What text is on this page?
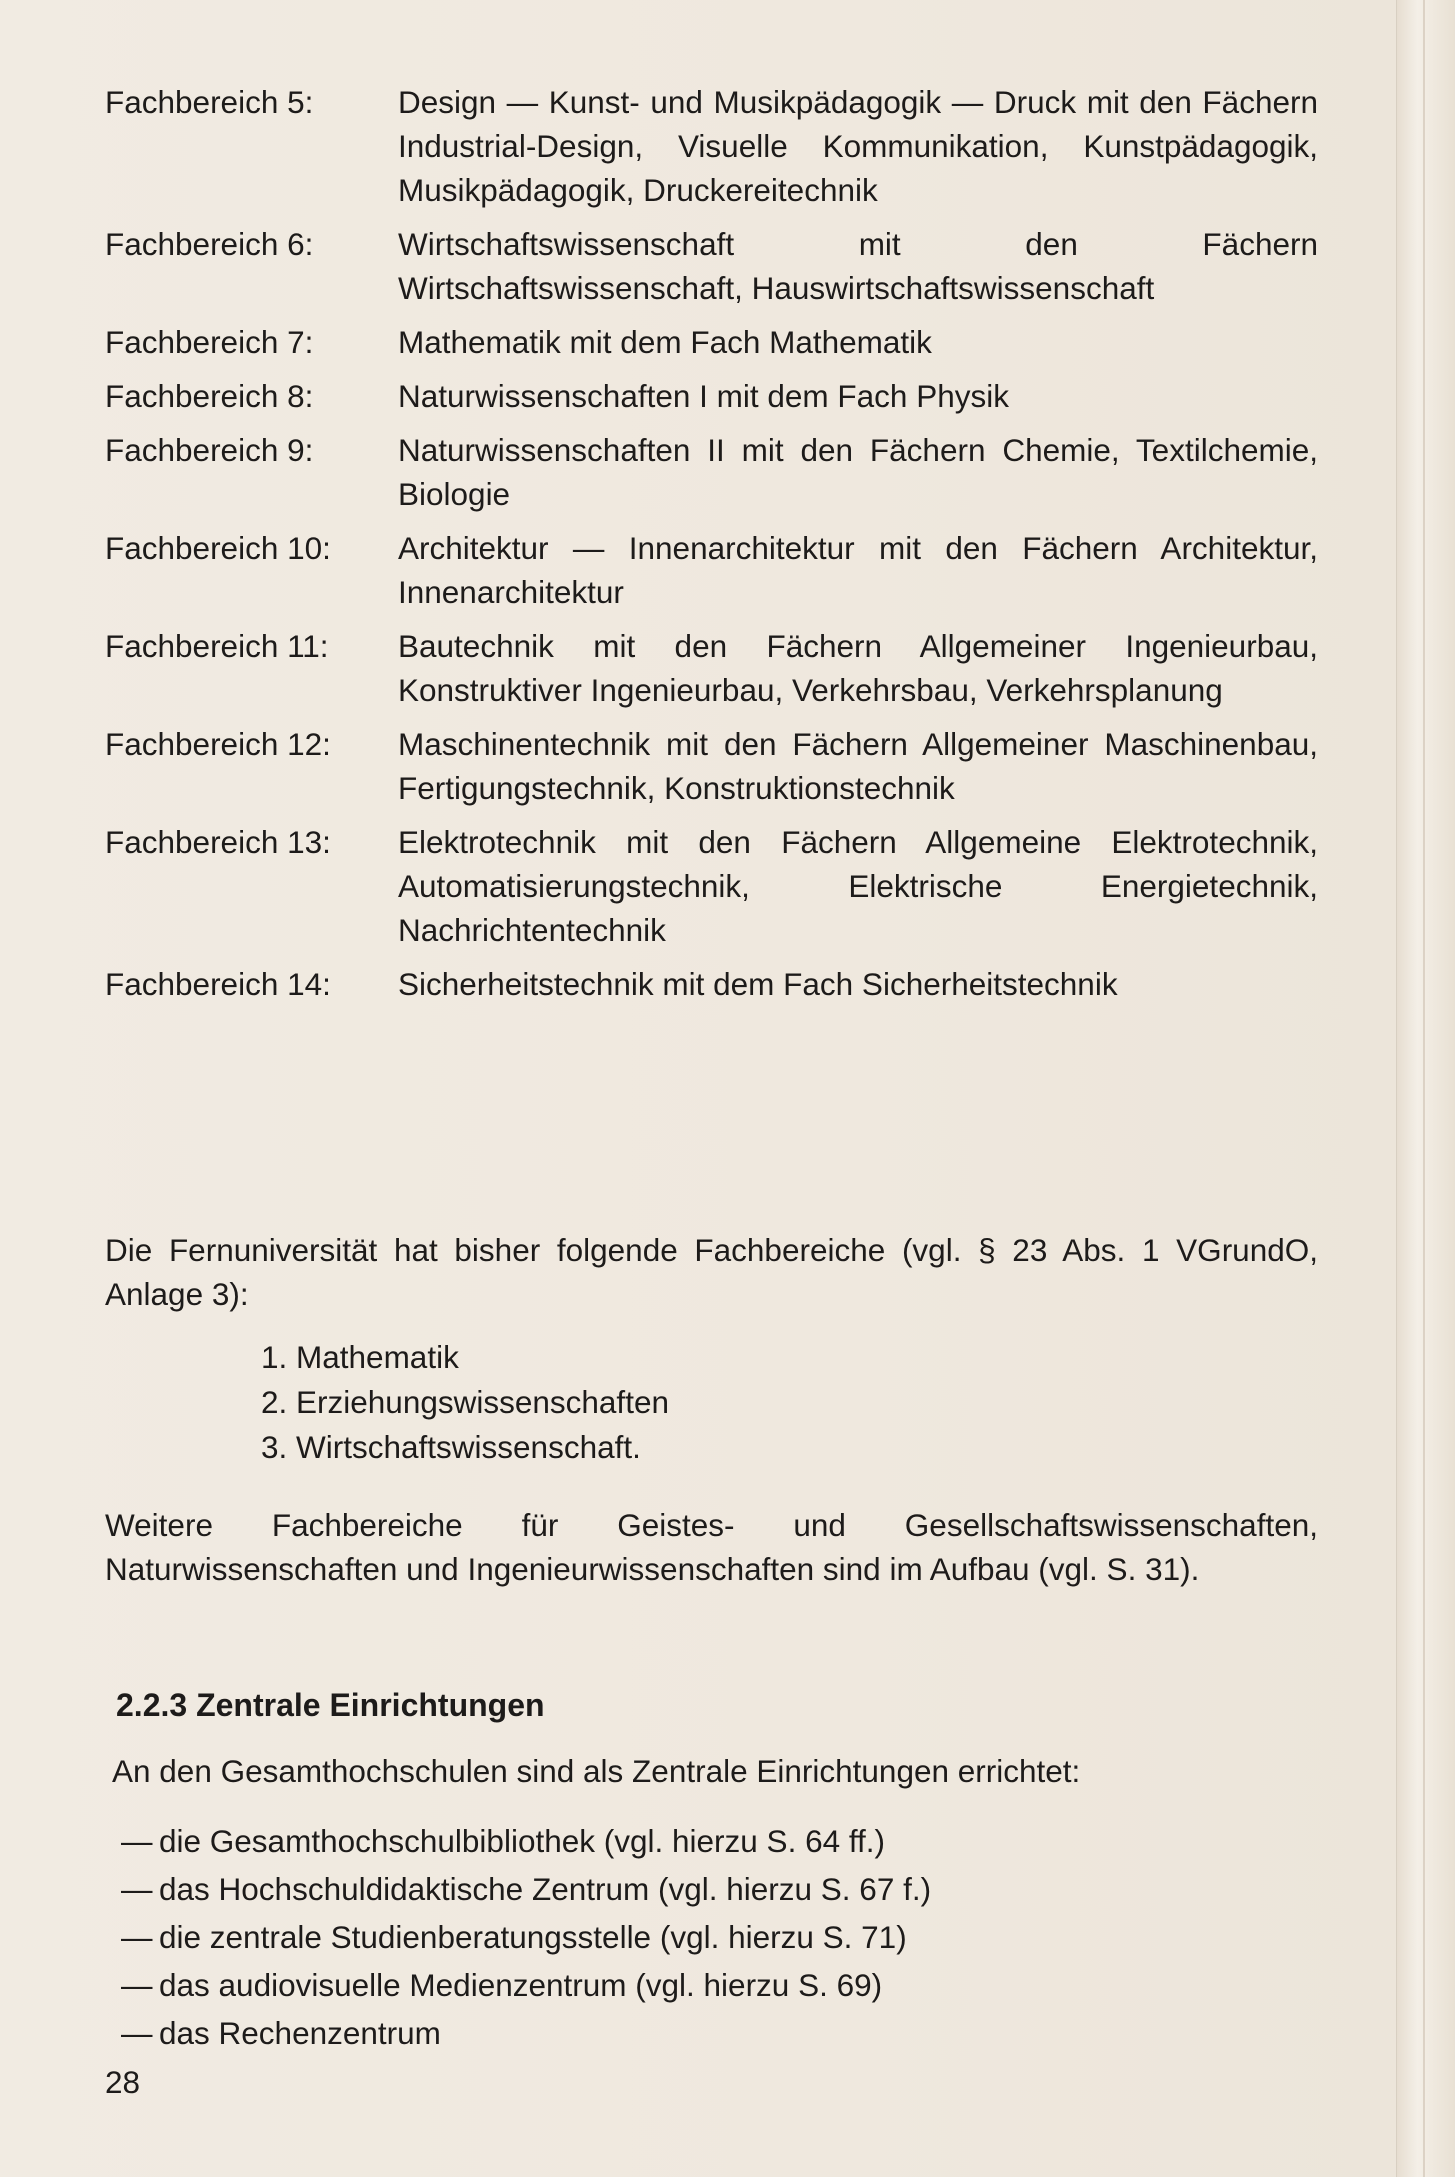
Fachbereich 5:	Design — Kunst- und Musikpädagogik — Druck mit den Fächern Industrial-Design, Visuelle Kommunikation, Kunstpädagogik, Musikpädagogik, Druckereitechnik
Fachbereich 6:	Wirtschaftswissenschaft mit den Fächern Wirtschaftswissenschaft, Hauswirtschaftswissenschaft
Fachbereich 7:	Mathematik mit dem Fach Mathematik
Fachbereich 8:	Naturwissenschaften I mit dem Fach Physik
Fachbereich 9:	Naturwissenschaften II mit den Fächern Chemie, Textilchemie, Biologie
Fachbereich 10:	Architektur — Innenarchitektur mit den Fächern Architektur, Innenarchitektur
Fachbereich 11:	Bautechnik mit den Fächern Allgemeiner Ingenieurbau, Konstruktiver Ingenieurbau, Verkehrsbau, Verkehrsplanung
Fachbereich 12:	Maschinentechnik mit den Fächern Allgemeiner Maschinenbau, Fertigungstechnik, Konstruktionstechnik
Fachbereich 13:	Elektrotechnik mit den Fächern Allgemeine Elektrotechnik, Automatisierungstechnik, Elektrische Energietechnik, Nachrichtentechnik
Fachbereich 14:	Sicherheitstechnik mit dem Fach Sicherheitstechnik

Die Fernuniversität hat bisher folgende Fachbereiche (vgl. § 23 Abs. 1 VGrundO, Anlage 3):

1. Mathematik
2. Erziehungswissenschaften
3. Wirtschaftswissenschaft.

Weitere Fachbereiche für Geistes- und Gesellschaftswissenschaften, Naturwissenschaften und Ingenieurwissenschaften sind im Aufbau (vgl. S. 31).

2.2.3 Zentrale Einrichtungen

An den Gesamthochschulen sind als Zentrale Einrichtungen errichtet:

— die Gesamthochschulbibliothek (vgl. hierzu S. 64 ff.)
— das Hochschuldidaktische Zentrum (vgl. hierzu S. 67 f.)
— die zentrale Studienberatungsstelle (vgl. hierzu S. 71)
— das audiovisuelle Medienzentrum (vgl. hierzu S. 69)
— das Rechenzentrum
28
